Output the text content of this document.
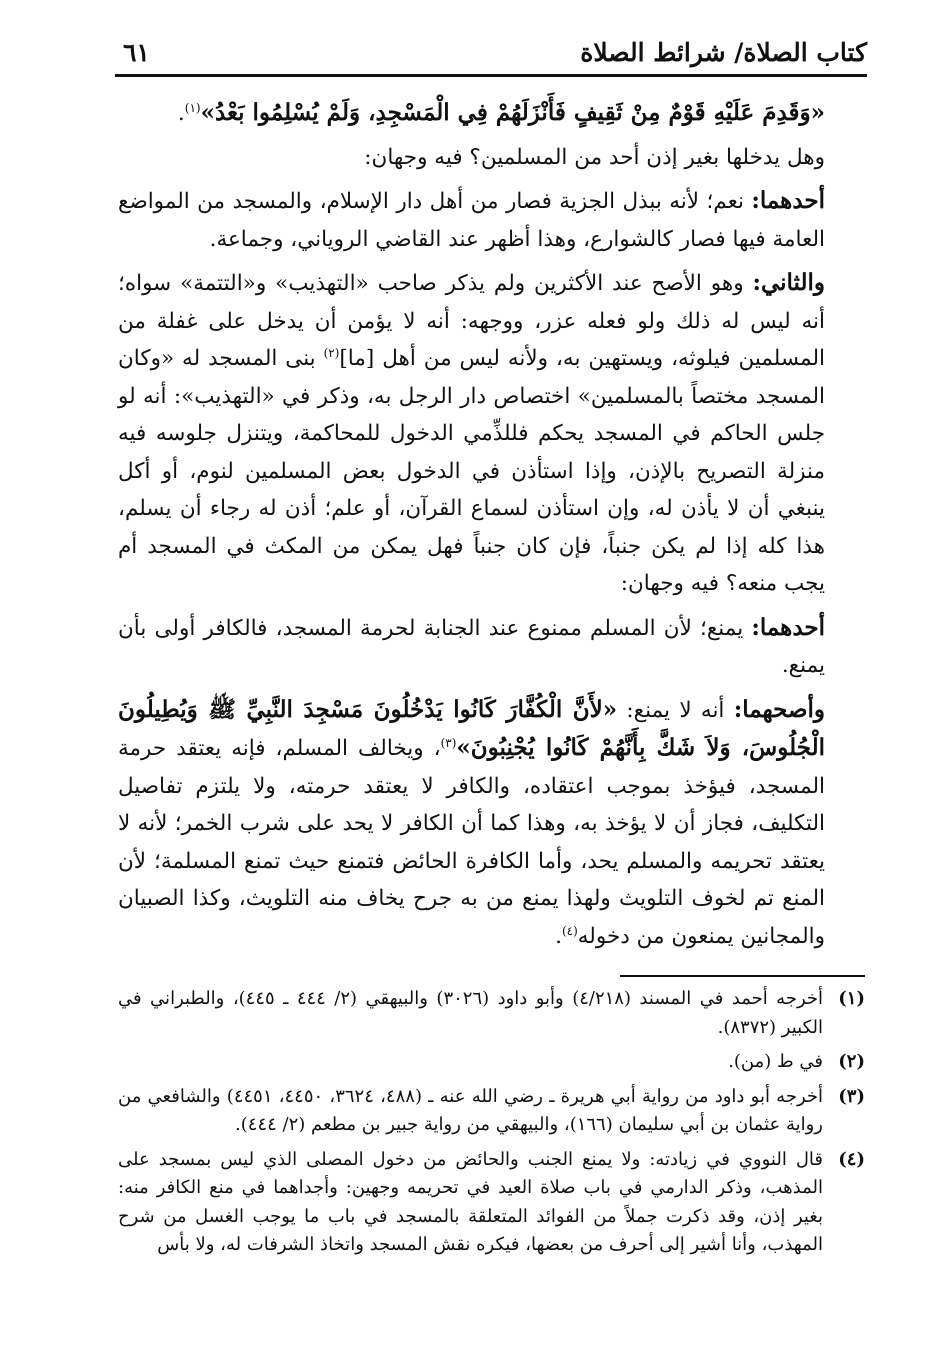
كتاب الصلاة/ شرائط الصلاة
٦١

«وَقَدِمَ عَلَيْهِ قَوْمٌ مِنْ ثَقِيفٍ فَأَنْزَلَهُمْ فِي الْمَسْجِدِ، وَلَمْ يُسْلِمُوا بَعْدُ»$^{(١)}$.

وهل يدخلها بغير إذن أحد من المسلمين؟ فيه وجهان:

أحدهما: نعم؛ لأنه ببذل الجزية فصار من أهل دار الإسلام، والمسجد من المواضع العامة فيها فصار كالشوارع، وهذا أظهر عند القاضي الروياني، وجماعة.

والثاني: وهو الأصح عند الأكثرين ولم يذكر صاحب «التهذيب» و«التتمة» سواه؛ أنه ليس له ذلك ولو فعله عزر، ووجهه: أنه لا يؤمن أن يدخل على غفلة من المسلمين فيلوثه، ويستهين به، ولأنه ليس من أهل [ما]$^{(٢)}$ بنى المسجد له «وكان المسجد مختصاً بالمسلمين» اختصاص دار الرجل به، وذكر في «التهذيب»: أنه لو جلس الحاكم في المسجد يحكم فللذِّمي الدخول للمحاكمة، ويتنزل جلوسه فيه منزلة التصريح بالإذن، وإذا استأذن في الدخول بعض المسلمين لنوم، أو أكل ينبغي أن لا يأذن له، وإن استأذن لسماع القرآن، أو علم؛ أذن له رجاء أن يسلم، هذا كله إذا لم يكن جنباً، فإن كان جنباً فهل يمكن من المكث في المسجد أم يجب منعه؟ فيه وجهان:

أحدهما: يمنع؛ لأن المسلم ممنوع عند الجنابة لحرمة المسجد، فالكافر أولى بأن يمنع.

وأصحهما: أنه لا يمنع: «لأَنَّ الْكُفَّارَ كَانُوا يَدْخُلُونَ مَسْجِدَ النَّبِيِّ ﷺ وَيُطِيلُونَ الْجُلُوسَ، وَلاَ شَكَّ بِأَنَّهُمْ كَانُوا يُجْنِبُونَ»$^{(٣)}$، ويخالف المسلم، فإنه يعتقد حرمة المسجد، فيؤخذ بموجب اعتقاده، والكافر لا يعتقد حرمته، ولا يلتزم تفاصيل التكليف، فجاز أن لا يؤخذ به، وهذا كما أن الكافر لا يحد على شرب الخمر؛ لأنه لا يعتقد تحريمه والمسلم يحد، وأما الكافرة الحائض فتمنع حيث تمنع المسلمة؛ لأن المنع تم لخوف التلويث ولهذا يمنع من به جرح يخاف منه التلويث، وكذا الصبيان والمجانين يمنعون من دخوله$^{(٤)}$.

(١)
أخرجه أحمد في المسند (٤/٢١٨) وأبو داود (٣٠٢٦) والبيهقي (٢/ ٤٤٤ ـ ٤٤٥)، والطبراني في الكبير (٨٣٧٢).
(٢)
في ط (من).
(٣)
أخرجه أبو داود من رواية أبي هريرة ـ رضي الله عنه ـ (٤٨٨، ٣٦٢٤، ٤٤٥٠، ٤٤٥١) والشافعي من رواية عثمان بن أبي سليمان (١٦٦)، والبيهقي من رواية جبير بن مطعم (٢/ ٤٤٤).
(٤)
قال النووي في زيادته: ولا يمنع الجنب والحائض من دخول المصلى الذي ليس بمسجد على المذهب، وذكر الدارمي في باب صلاة العيد في تحريمه وجهين: وأجداهما في منع الكافر منه: بغير إذن، وقد ذكرت جملاً من الفوائد المتعلقة بالمسجد في باب ما يوجب الغسل من شرح المهذب، وأنا أشير إلى أحرف من بعضها، فيكره نقش المسجد واتخاذ الشرفات له، ولا بأس
